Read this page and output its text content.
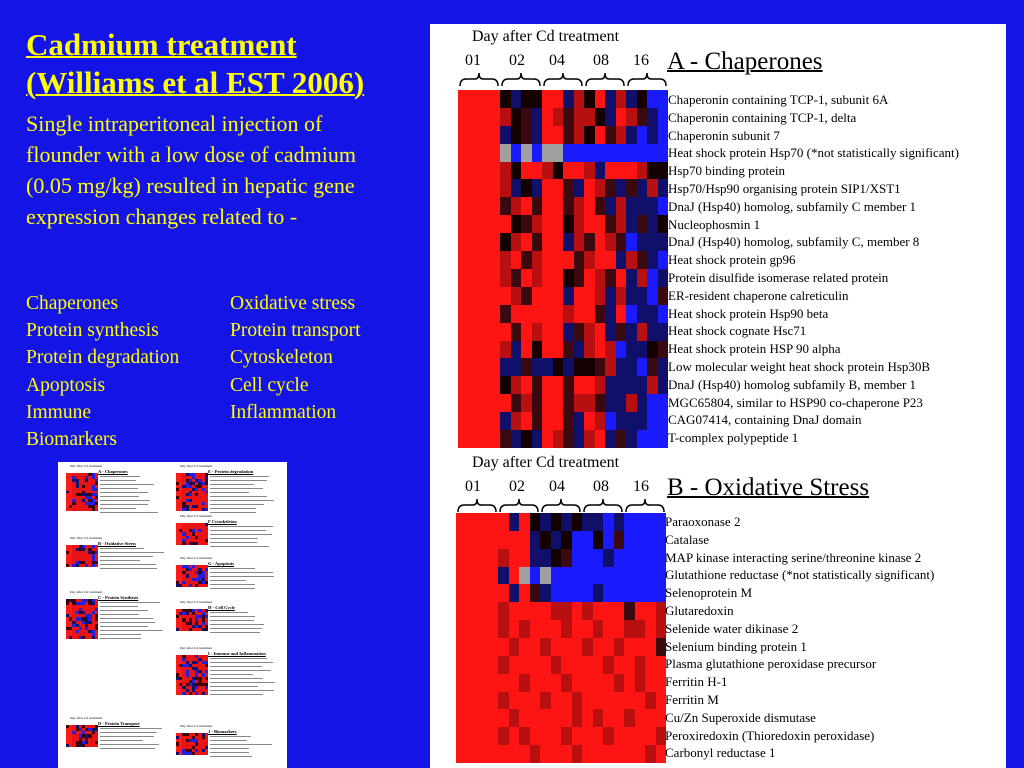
Cadmium treatment
(Williams et al EST 2006)
Single intraperitoneal injection of flounder with a low dose of cadmium (0.05 mg/kg) resulted in hepatic gene expression changes related to -
Chaperones	Oxidative stress
Protein synthesis	Protein transport
Protein degradation	Cytoskeleton
Apoptosis	Cell cycle
Immune	Inflammation
Biomarkers
Day after Cd treatment
A - Chaperones
Day after Cd treatment
E - Protein degradation
Day after Cd treatment
B - Oxidative Stress
Day after Cd treatment
F Cytoskeleton
Day after Cd treatment
G - Apoptosis
Day after Cd treatment
C - Protein Synthesis
Day after Cd treatment
H - Cell Cycle
Day after Cd treatment
I - Immune and Inflammation
Day after Cd treatment
D - Protein Transport	Day after Cd treatment
J - Biomarkers
Day after Cd treatment
01 02 04 08 16 A - Chaperones
Chaperonin containing TCP-1, subunit 6A
Chaperonin containing TCP-1, delta
Chaperonin subunit 7
Heat shock protein Hsp70 (*not statistically significant)
Hsp70 binding protein
Hsp70/Hsp90 organising protein SIP1/XST1
DnaJ (Hsp40) homolog, subfamily C member 1
Nucleophosmin 1
DnaJ (Hsp40) homolog, subfamily C, member 8
Heat shock protein gp96
Protein disulfide isomerase related protein
ER-resident chaperone calreticulin
Heat shock protein Hsp90 beta
Heat shock cognate Hsc71
Heat shock protein HSP 90 alpha
Low molecular weight heat shock protein Hsp30B
DnaJ (Hsp40) homolog subfamily B, member 1
MGC65804, similar to HSP90 co-chaperone P23
CAG07414, containing DnaJ domain
T-complex polypeptide 1
Day after Cd treatment
01 02 04 08 16 B - Oxidative Stress
Paraoxonase 2
Catalase
MAP kinase interacting serine/threonine kinase 2
Glutathione reductase (*not statistically significant)
Selenoprotein M
Glutaredoxin
Selenide water dikinase 2
Selenium binding protein 1
Plasma glutathione peroxidase precursor
Ferritin H-1
Ferritin M
Cu/Zn Superoxide dismutase
Peroxiredoxin (Thioredoxin peroxidase)
Carbonyl reductase 1
